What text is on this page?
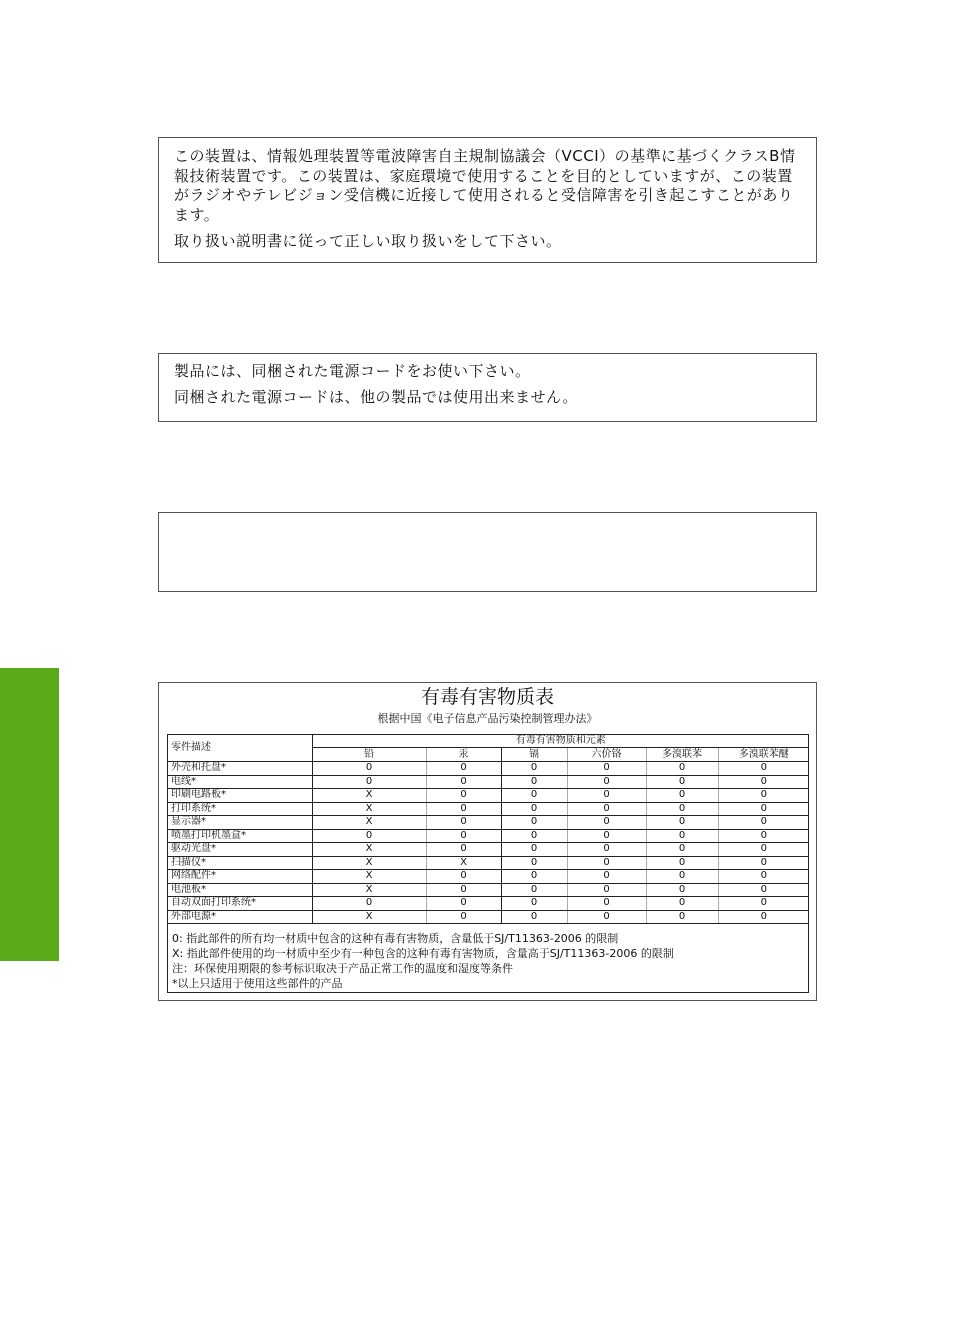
この装置は、情報処理装置等電波障害自主規制協議会（VCCI）の基準に基づくクラスB情報技術装置です。この装置は、家庭環境で使用することを目的としていますが、この装置がラジオやテレビジョン受信機に近接して使用されると受信障害を引き起こすことがあります。

取り扱い説明書に従って正しい取り扱いをして下さい。

製品には、同梱された電源コードをお使い下さい。

同梱された電源コードは、他の製品では使用出来ません。

有毒有害物质表
根据中国《电子信息产品污染控制管理办法》
零件描述	有毒有害物质和元素					
	铅	汞	镉	六价铬	多溴联苯	多溴联苯醚
外壳和托盘*	0	0	0	0	0	0
电线*	0	0	0	0	0	0
印刷电路板*	X	0	0	0	0	0
打印系统*	X	0	0	0	0	0
显示器*	X	0	0	0	0	0
喷墨打印机墨盒*	0	0	0	0	0	0
驱动光盘*	X	0	0	0	0	0
扫描仪*	X	X	0	0	0	0
网络配件*	X	0	0	0	0	0
电池板*	X	0	0	0	0	0
自动双面打印系统*	0	0	0	0	0	0
外部电源*	X	0	0	0	0	0

0: 指此部件的所有均一材质中包含的这种有毒有害物质，含量低于SJ/T11363-2006 的限制

X: 指此部件使用的均一材质中至少有一种包含的这种有毒有害物质，含量高于SJ/T11363-2006 的限制

注：环保使用期限的参考标识取决于产品正常工作的温度和湿度等条件

*以上只适用于使用这些部件的产品
